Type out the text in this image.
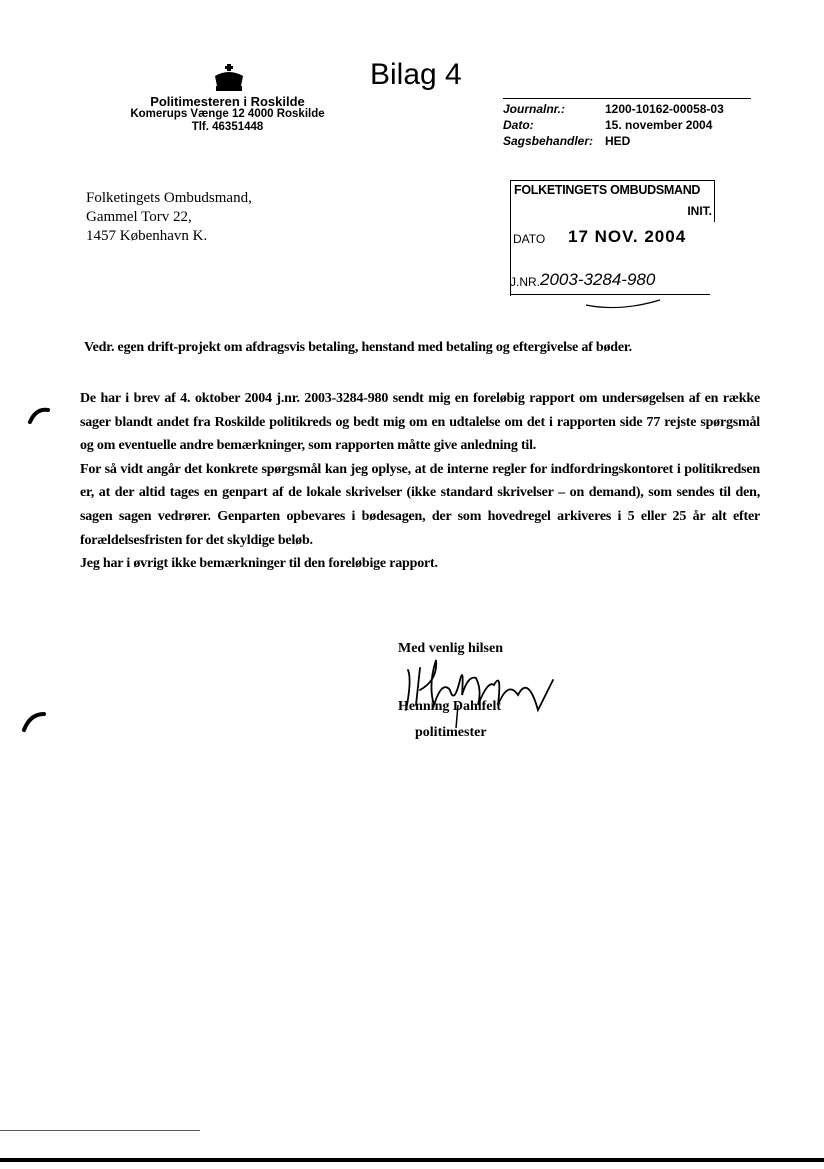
Politimesteren i Roskilde
Komerups Vænge 12 4000 Roskilde
Tlf. 46351448
Bilag 4
Journalnr.:	1200-10162-00058-03
Dato:	15. november 2004
Sagsbehandler: HED
Folketingets Ombudsmand,
Gammel Torv 22,
1457 København K.
FOLKETINGETS OMBUDSMAND
INIT.
DATO 17 NOV. 2004
J.NR. 2003-3284-980
Vedr. egen drift-projekt om afdragsvis betaling, henstand med betaling og eftergivelse af bøder.

De har i brev af 4. oktober 2004 j.nr. 2003-3284-980 sendt mig en foreløbig rapport om undersøgelsen af en række sager blandt andet fra Roskilde politikreds og bedt mig om en udtalelse om det i rapporten side 77 rejste spørgsmål og om eventuelle andre bemærkninger, som rapporten måtte give anledning til.

For så vidt angår det konkrete spørgsmål kan jeg oplyse, at de interne regler for indfordringskontoret i politikredsen er, at der altid tages en genpart af de lokale skrivelser (ikke standard skrivelser – on demand), som sendes til den, sagen sagen vedrører. Genparten opbevares i bødesagen, der som hovedregel arkiveres i 5 eller 25 år alt efter forældelsesfristen for det skyldige beløb.

Jeg har i øvrigt ikke bemærkninger til den foreløbige rapport.

Med venlig hilsen
Henning Dahlfelt
politimester
